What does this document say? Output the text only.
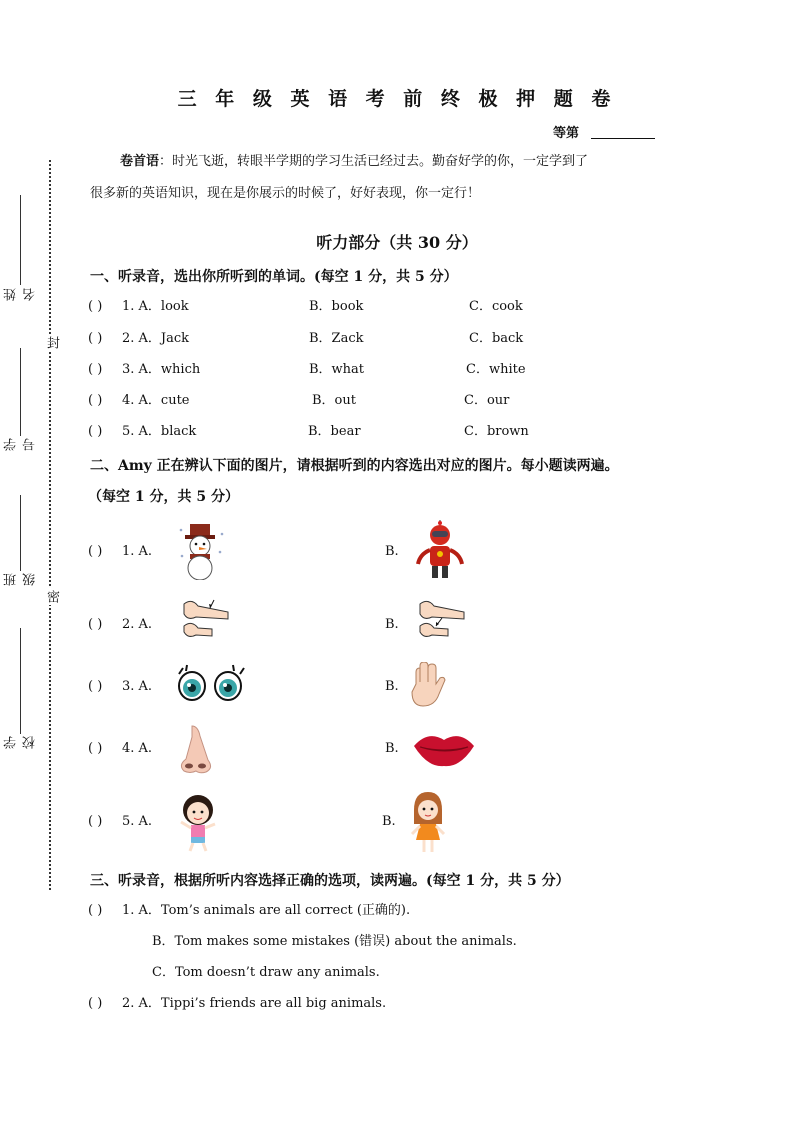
姓名
学号
班级
学校
封
密
三 年 级 英 语 考 前 终 极 押 题 卷
等第
卷首语：时光飞逝，转眼半学期的学习生活已经过去。勤奋好学的你，一定学到了
很多新的英语知识，现在是你展示的时候了，好好表现，你一定行！
听力部分（共 30 分）
一、听录音，选出你所听到的单词。(每空 1 分，共 5 分）
( ) 1. A．look	B．book	C．cook
( ) 2. A．Jack	B．Zack	C．back
( ) 3. A．which	B．what	C．white
( ) 4. A．cute	B．out	C．our
( ) 5. A．black	B．bear	C．brown
二、Amy 正在辨认下面的图片，请根据听到的内容选出对应的图片。每小题读两遍。
（每空 1 分，共 5 分）
( ) 1. A.	B.
( ) 2. A.	B.
( ) 3. A.	B.
( ) 4. A.	B.
( ) 5. A.	B.
三、听录音，根据所听内容选择正确的选项，读两遍。(每空 1 分，共 5 分）
( ) 1. A．Tom’s animals are all correct (正确的).
B．Tom makes some mistakes (错误) about the animals.
C．Tom doesn’t draw any animals.
( ) 2. A．Tippi’s friends are all big animals.
